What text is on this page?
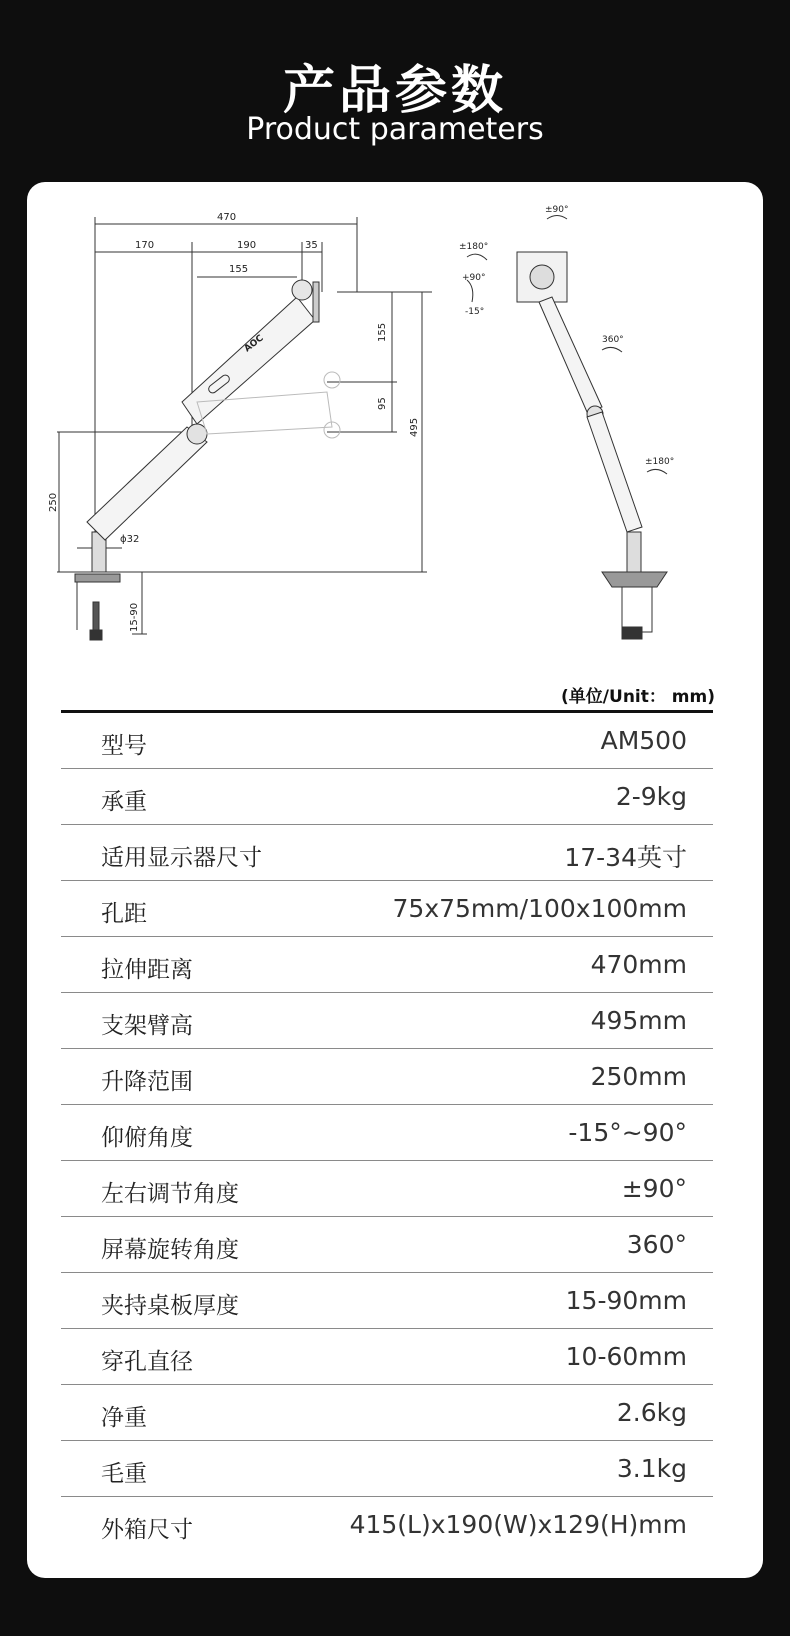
产品参数
Product parameters
470
170	190	35
155
155
95
495
250
ϕ32
15-90
AOC
±90°
±180°
+90°
-15°
360°
±180°
(单位/Unit： mm)
型号	AM500
承重	2-9kg
适用显示器尺寸	17-34英寸
孔距	75x75mm/100x100mm
拉伸距离	470mm
支架臂高	495mm
升降范围	250mm
仰俯角度	-15°~90°
左右调节角度	±90°
屏幕旋转角度	360°
夹持桌板厚度	15-90mm
穿孔直径	10-60mm
净重	2.6kg
毛重	3.1kg
外箱尺寸	415(L)x190(W)x129(H)mm
